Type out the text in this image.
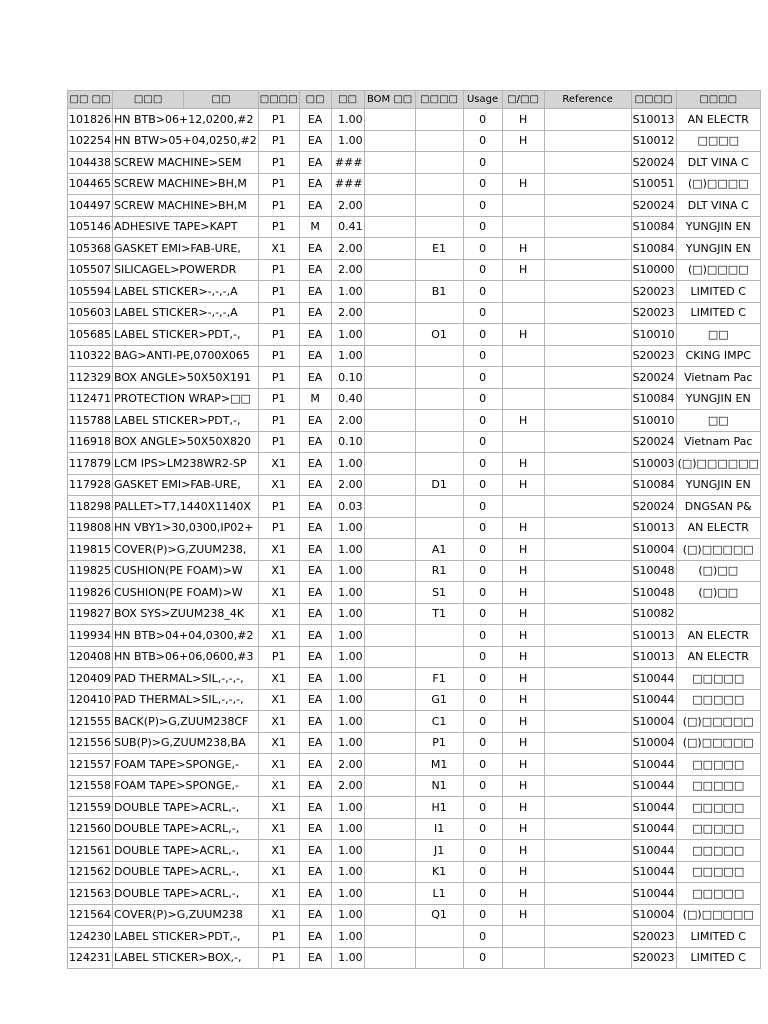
□□ □□	□□□	□□	□□□□	□□	□□	BOM □□	□□□□	Usage	□/□□	Reference	□□□□	□□□□
101826	HN BTB>06+12,0200,#2		P1	EA	1.00			0	H		S10013	AN ELECTR
102254	HN BTW>05+04,0250,#2		P1	EA	1.00			0	H		S10012	□□□□
104438	SCREW MACHINE>SEM		P1	EA	###			0			S20024	DLT VINA C
104465	SCREW MACHINE>BH,M		P1	EA	###			0	H		S10051	(□)□□□□
104497	SCREW MACHINE>BH,M		P1	EA	2.00			0			S20024	DLT VINA C
105146	ADHESIVE TAPE>KAPT		P1	M	0.41			0			S10084	YUNGJIN EN
105368	GASKET EMI>FAB-URE,		X1	EA	2.00		E1	0	H		S10084	YUNGJIN EN
105507	SILICAGEL>POWERDR		P1	EA	2.00			0	H		S10000	(□)□□□□
105594	LABEL STICKER>-,-,-,A		P1	EA	1.00		B1	0			S20023	LIMITED C
105603	LABEL STICKER>-,-,-,A		P1	EA	2.00			0			S20023	LIMITED C
105685	LABEL STICKER>PDT,-,		P1	EA	1.00		O1	0	H		S10010	□□
110322	BAG>ANTI-PE,0700X065		P1	EA	1.00			0			S20023	CKING IMPC
112329	BOX ANGLE>50X50X191		P1	EA	0.10			0			S20024	Vietnam Pac
112471	PROTECTION WRAP>□□		P1	M	0.40			0			S10084	YUNGJIN EN
115788	LABEL STICKER>PDT,-,		P1	EA	2.00			0	H		S10010	□□
116918	BOX ANGLE>50X50X820		P1	EA	0.10			0			S20024	Vietnam Pac
117879	LCM IPS>LM238WR2-SP		X1	EA	1.00			0	H		S10003	(□)□□□□□□
117928	GASKET EMI>FAB-URE,		X1	EA	2.00		D1	0	H		S10084	YUNGJIN EN
118298	PALLET>T7,1440X1140X		P1	EA	0.03			0			S20024	DNGSAN P&
119808	HN VBY1>30,0300,IP02+		P1	EA	1.00			0	H		S10013	AN ELECTR
119815	COVER(P)>G,ZUUM238,		X1	EA	1.00		A1	0	H		S10004	(□)□□□□□
119825	CUSHION(PE FOAM)>W		X1	EA	1.00		R1	0	H		S10048	(□)□□
119826	CUSHION(PE FOAM)>W		X1	EA	1.00		S1	0	H		S10048	(□)□□
119827	BOX SYS>ZUUM238_4K		X1	EA	1.00		T1	0	H		S10082	
119934	HN BTB>04+04,0300,#2		X1	EA	1.00			0	H		S10013	AN ELECTR
120408	HN BTB>06+06,0600,#3		P1	EA	1.00			0	H		S10013	AN ELECTR
120409	PAD THERMAL>SIL,-,-,-,		X1	EA	1.00		F1	0	H		S10044	□□□□□
120410	PAD THERMAL>SIL,-,-,-,		X1	EA	1.00		G1	0	H		S10044	□□□□□
121555	BACK(P)>G,ZUUM238CF		X1	EA	1.00		C1	0	H		S10004	(□)□□□□□
121556	SUB(P)>G,ZUUM238,BA		X1	EA	1.00		P1	0	H		S10004	(□)□□□□□
121557	FOAM TAPE>SPONGE,-		X1	EA	2.00		M1	0	H		S10044	□□□□□
121558	FOAM TAPE>SPONGE,-		X1	EA	2.00		N1	0	H		S10044	□□□□□
121559	DOUBLE TAPE>ACRL,-,		X1	EA	1.00		H1	0	H		S10044	□□□□□
121560	DOUBLE TAPE>ACRL,-,		X1	EA	1.00		I1	0	H		S10044	□□□□□
121561	DOUBLE TAPE>ACRL,-,		X1	EA	1.00		J1	0	H		S10044	□□□□□
121562	DOUBLE TAPE>ACRL,-,		X1	EA	1.00		K1	0	H		S10044	□□□□□
121563	DOUBLE TAPE>ACRL,-,		X1	EA	1.00		L1	0	H		S10044	□□□□□
121564	COVER(P)>G,ZUUM238		X1	EA	1.00		Q1	0	H		S10004	(□)□□□□□
124230	LABEL STICKER>PDT,-,		P1	EA	1.00			0			S20023	LIMITED C
124231	LABEL STICKER>BOX,-,		P1	EA	1.00			0			S20023	LIMITED C
